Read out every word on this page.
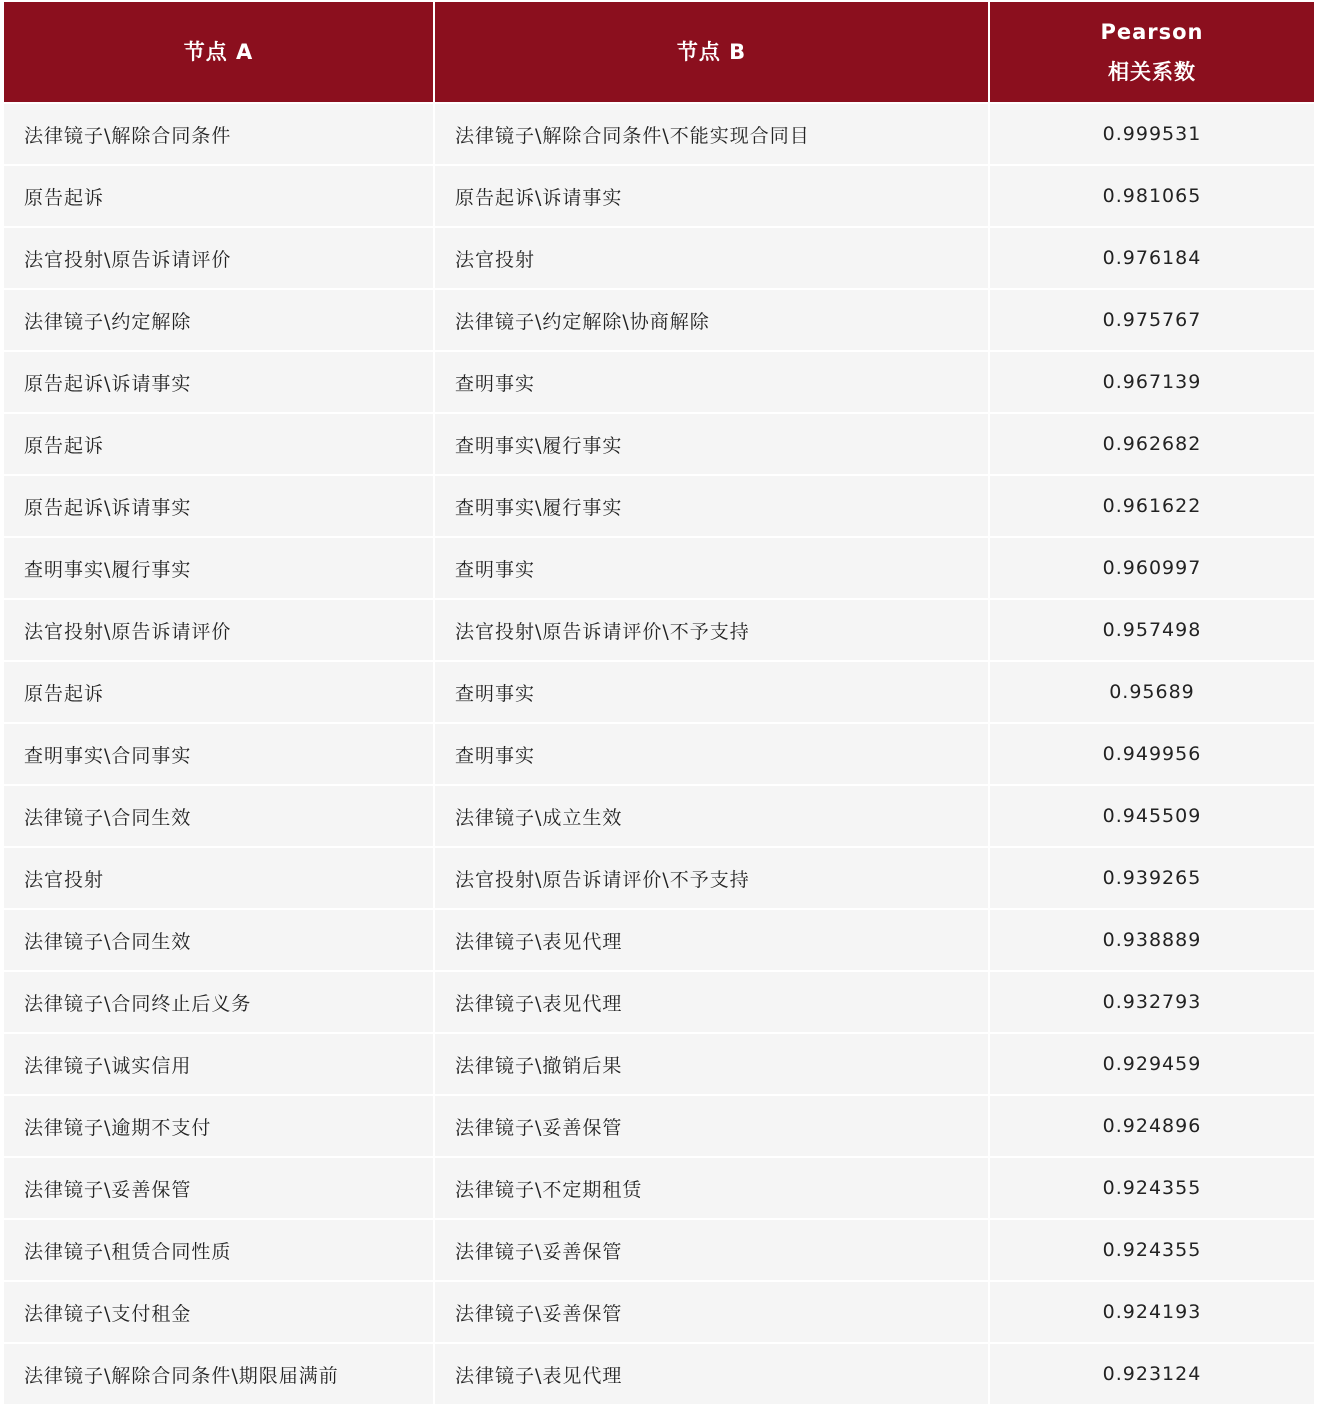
节点 A	节点 B	Pearson
相关系数

法律镜子\解除合同条件	法律镜子\解除合同条件\不能实现合同目	0.999531
原告起诉	原告起诉\诉请事实	0.981065
法官投射\原告诉请评价	法官投射	0.976184
法律镜子\约定解除	法律镜子\约定解除\协商解除	0.975767
原告起诉\诉请事实	查明事实	0.967139
原告起诉	查明事实\履行事实	0.962682
原告起诉\诉请事实	查明事实\履行事实	0.961622
查明事实\履行事实	查明事实	0.960997
法官投射\原告诉请评价	法官投射\原告诉请评价\不予支持	0.957498
原告起诉	查明事实	0.95689
查明事实\合同事实	查明事实	0.949956
法律镜子\合同生效	法律镜子\成立生效	0.945509
法官投射	法官投射\原告诉请评价\不予支持	0.939265
法律镜子\合同生效	法律镜子\表见代理	0.938889
法律镜子\合同终止后义务	法律镜子\表见代理	0.932793
法律镜子\诚实信用	法律镜子\撤销后果	0.929459
法律镜子\逾期不支付	法律镜子\妥善保管	0.924896
法律镜子\妥善保管	法律镜子\不定期租赁	0.924355
法律镜子\租赁合同性质	法律镜子\妥善保管	0.924355
法律镜子\支付租金	法律镜子\妥善保管	0.924193
法律镜子\解除合同条件\期限届满前	法律镜子\表见代理	0.923124
